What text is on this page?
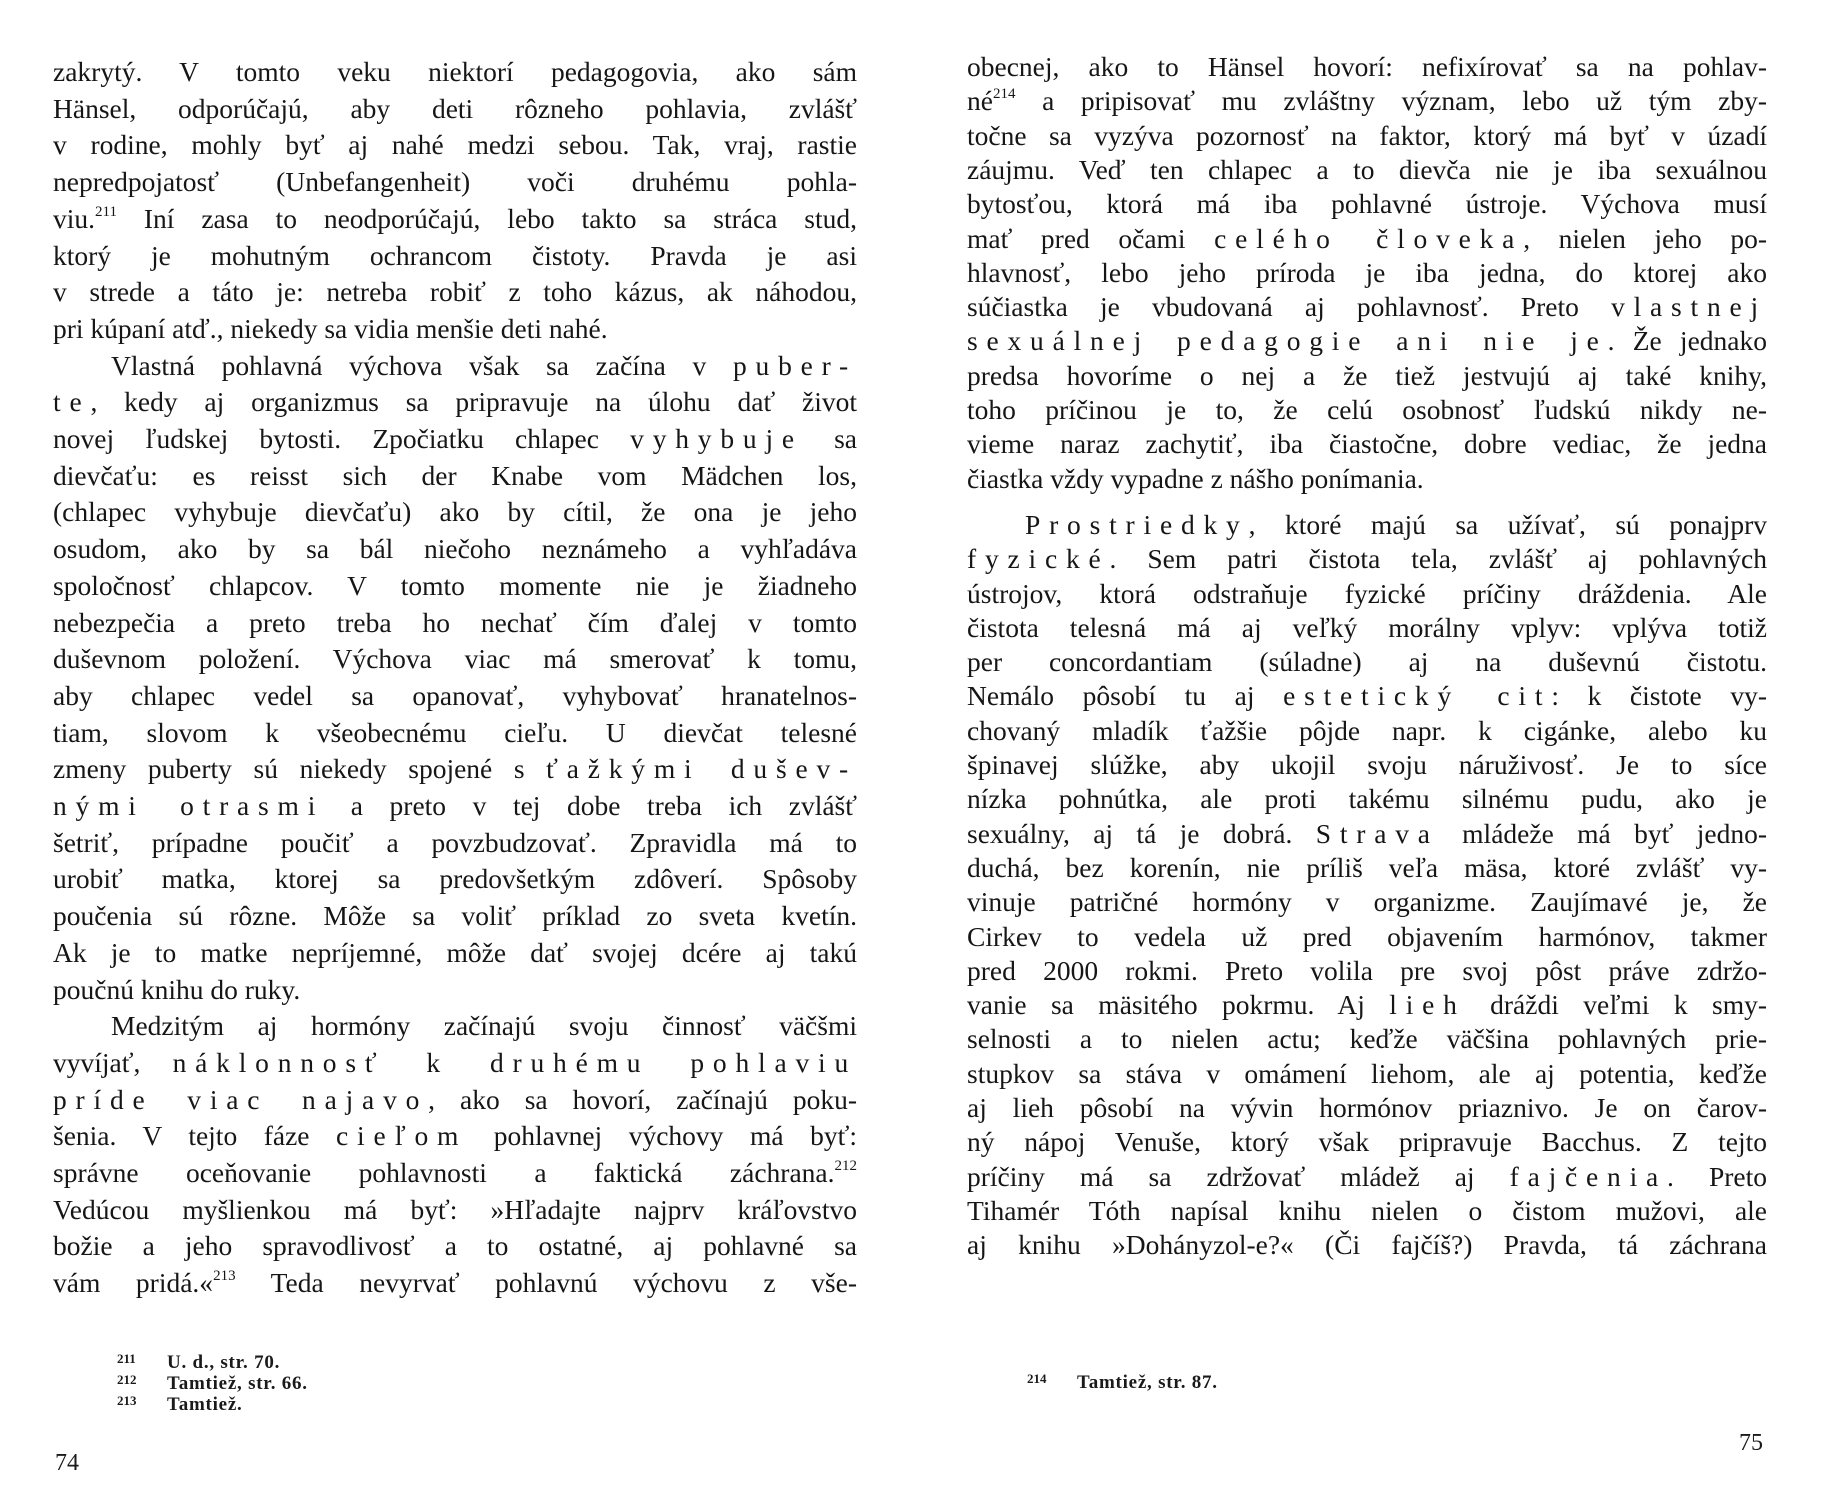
zakrytý. V tomto veku niektorí pedagogovia, ako sám
Hänsel, odporúčajú, aby deti rôzneho pohlavia, zvlášť
v rodine, mohly byť aj nahé medzi sebou. Tak, vraj, rastie
nepredpojatosť (Unbefangenheit) voči druhému pohla-
viu.$^{211}$ Iní zasa to neodporúčajú, lebo takto sa stráca stud,
ktorý je mohutným ochrancom čistoty. Pravda je asi
v strede a táto je: netreba robiť z toho kázus, ak náhodou,
pri kúpaní atď., niekedy sa vidia menšie deti nahé.
Vlastná pohlavná výchova však sa začína v puber-
te, kedy aj organizmus sa pripravuje na úlohu dať život
novej ľudskej bytosti. Zpočiatku chlapec vyhybuje sa
dievčaťu: es reisst sich der Knabe vom Mädchen los,
(chlapec vyhybuje dievčaťu) ako by cítil, že ona je jeho
osudom, ako by sa bál niečoho neznámeho a vyhľadáva
spoločnosť chlapcov. V tomto momente nie je žiadneho
nebezpečia a preto treba ho nechať čím ďalej v tomto
duševnom položení. Výchova viac má smerovať k tomu,
aby chlapec vedel sa opanovať, vyhybovať hranatelnos-
tiam, slovom k všeobecnému cieľu. U dievčat telesné
zmeny puberty sú niekedy spojené s ťažkými dušev-
nými otrasmi a preto v tej dobe treba ich zvlášť
šetriť, prípadne poučiť a povzbudzovať. Zpravidla má to
urobiť matka, ktorej sa predovšetkým zdôverí. Spôsoby
poučenia sú rôzne. Môže sa voliť príklad zo sveta kvetín.
Ak je to matke nepríjemné, môže dať svojej dcére aj takú
poučnú knihu do ruky.
Medzitým aj hormóny začínajú svoju činnosť väčšmi
vyvíjať, náklonnosť k druhému pohlaviu
príde viac najavo, ako sa hovorí, začínajú poku-
šenia. V tejto fáze cieľom pohlavnej výchovy má byť:
správne oceňovanie pohlavnosti a faktická záchrana.$^{212}$
Vedúcou myšlienkou má byť: »Hľadajte najprv kráľovstvo
božie a jeho spravodlivosť a to ostatné, aj pohlavné sa
vám pridá.«$^{213}$ Teda nevyrvať pohlavnú výchovu z vše-
211 U. d., str. 70.
212 Tamtiež, str. 66.
213 Tamtiež.
74
obecnej, ako to Hänsel hovorí: nefixírovať sa na pohlav-
né$^{214}$ a pripisovať mu zvláštny význam, lebo už tým zby-
točne sa vyzýva pozornosť na faktor, ktorý má byť v úzadí
záujmu. Veď ten chlapec a to dievča nie je iba sexuálnou
bytosťou, ktorá má iba pohlavné ústroje. Výchova musí
mať pred očami celého človeka, nielen jeho po-
hlavnosť, lebo jeho príroda je iba jedna, do ktorej ako
súčiastka je vbudovaná aj pohlavnosť. Preto vlastnej
sexuálnej pedagogie ani nie je. Že jednako
predsa hovoríme o nej a že tiež jestvujú aj také knihy,
toho príčinou je to, že celú osobnosť ľudskú nikdy ne-
vieme naraz zachytiť, iba čiastočne, dobre vediac, že jedna
čiastka vždy vypadne z nášho ponímania.
Prostriedky, ktoré majú sa užívať, sú ponajprv
fyzické. Sem patri čistota tela, zvlášť aj pohlavných
ústrojov, ktorá odstraňuje fyzické príčiny dráždenia. Ale
čistota telesná má aj veľký morálny vplyv: vplýva totiž
per concordantiam (súladne) aj na duševnú čistotu.
Nemálo pôsobí tu aj estetický cit: k čistote vy-
chovaný mladík ťažšie pôjde napr. k cigánke, alebo ku
špinavej slúžke, aby ukojil svoju náruživosť. Je to síce
nízka pohnútka, ale proti takému silnému pudu, ako je
sexuálny, aj tá je dobrá. Strava mládeže má byť jedno-
duchá, bez korenín, nie príliš veľa mäsa, ktoré zvlášť vy-
vinuje patričné hormóny v organizme. Zaujímavé je, že
Cirkev to vedela už pred objavením harmónov, takmer
pred 2000 rokmi. Preto volila pre svoj pôst práve zdržo-
vanie sa mäsitého pokrmu. Aj lieh dráždi veľmi k smy-
selnosti a to nielen actu; keďže väčšina pohlavných prie-
stupkov sa stáva v omámení liehom, ale aj potentia, keďže
aj lieh pôsobí na vývin hormónov priaznivo. Je on čarov-
ný nápoj Venuše, ktorý však pripravuje Bacchus. Z tejto
príčiny má sa zdržovať mládež aj fajčenia. Preto
Tihamér Tóth napísal knihu nielen o čistom mužovi, ale
aj knihu »Dohányzol-e?« (Či fajčíš?) Pravda, tá záchrana
214 Tamtiež, str. 87.
75
